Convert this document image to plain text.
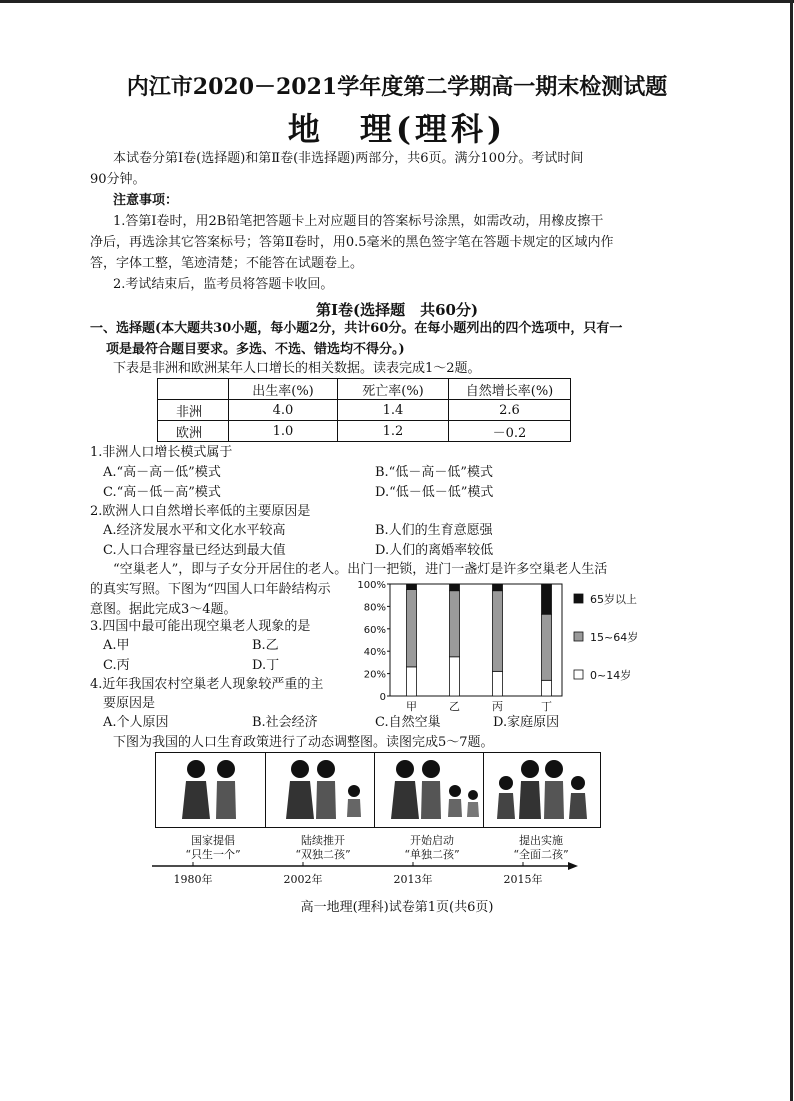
内江市2020－2021学年度第二学期高一期末检测试题
地　理(理科)
本试卷分第Ⅰ卷(选择题)和第Ⅱ卷(非选择题)两部分，共6页。满分100分。考试时间
90分钟。
注意事项：
1.答第Ⅰ卷时，用2B铅笔把答题卡上对应题目的答案标号涂黑，如需改动，用橡皮擦干
净后，再选涂其它答案标号；答第Ⅱ卷时，用0.5毫米的黑色签字笔在答题卡规定的区域内作
答，字体工整，笔迹清楚；不能答在试题卷上。
2.考试结束后，监考员将答题卡收回。
第Ⅰ卷(选择题　共60分)
一、选择题(本大题共30小题，每小题2分，共计60分。在每小题列出的四个选项中，只有一
项是最符合题目要求。多选、不选、错选均不得分。)
下表是非洲和欧洲某年人口增长的相关数据。读表完成1～2题。
	出生率(%)	死亡率(%)	自然增长率(%)
非洲	4.0	1.4	2.6
欧洲	1.0	1.2	－0.2
1.非洲人口增长模式属于
A.“高－高－低”模式	B.“低－高－低”模式
C.“高－低－高”模式	D.“低－低－低”模式
2.欧洲人口自然增长率低的主要原因是
A.经济发展水平和文化水平较高	B.人们的生育意愿强
C.人口合理容量已经达到最大值	D.人们的离婚率较低
“空巢老人”，即与子女分开居住的老人。出门一把锁，进门一盏灯是许多空巢老人生活
的真实写照。下图为“四国人口年龄结构示
意图。据此完成3～4题。
3.四国中最可能出现空巢老人现象的是
A.甲	B.乙
C.丙	D.丁
4.近年我国农村空巢老人现象较严重的主
要原因是
A.个人原因	B.社会经济	C.自然空巢	D.家庭原因
0
20%
40%
60%
80%
100%
甲	乙	丙	丁
65岁以上
15~64岁
0~14岁
下图为我国的人口生育政策进行了动态调整图。读图完成5～7题。
国家提倡
“只生一个”
陆续推开
“双独二孩”
开始启动
“单独二孩”
提出实施
“全面二孩”
1980年	2002年	2013年	2015年
高一地理(理科)试卷第1页(共6页)
